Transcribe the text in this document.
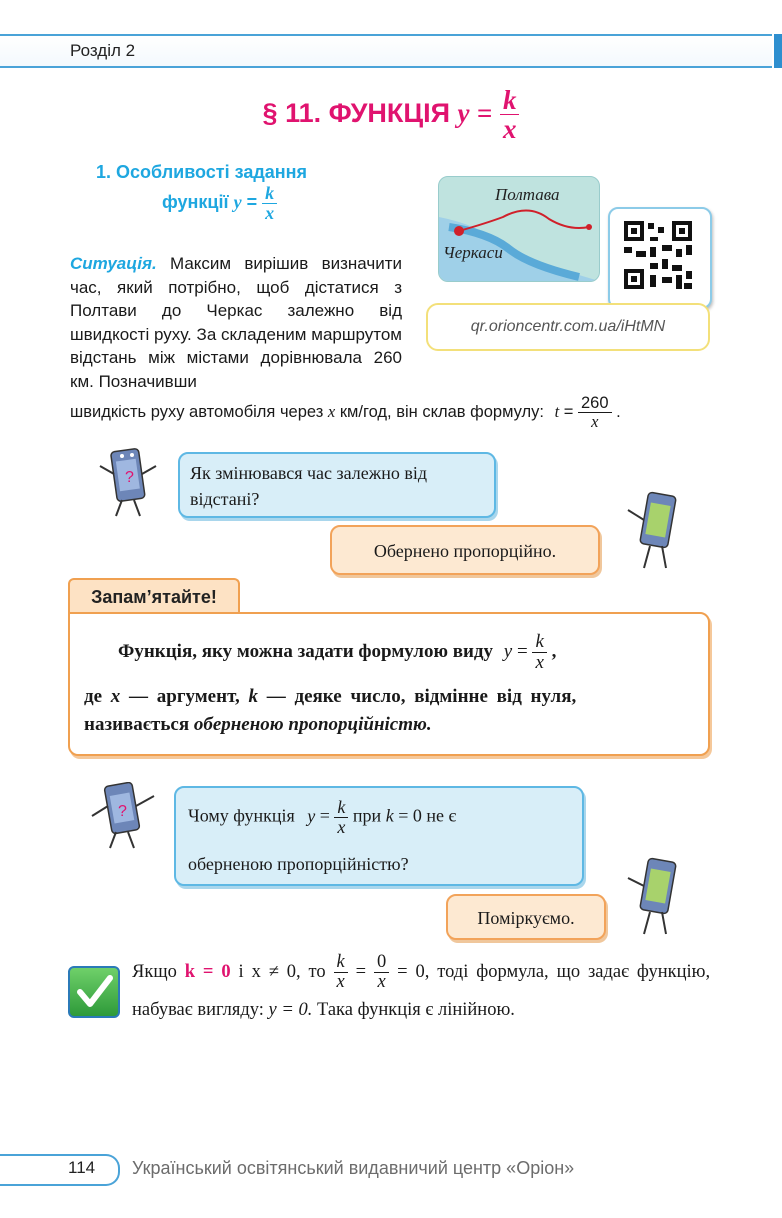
Розділ 2
§ 11. ФУНКЦІЯ $y = \frac{k}{x}$
1. Особливості задання
функції $y = \frac{k}{x}$
Ситуація. Максим вирішив визначити час, який потрібно, щоб дістатися з Полтави до Черкас залежно від швидкості руху. За складеним маршрутом відстань між містами дорівнювала 260 км. Позначивши
швидкість руху автомобіля через x км/год, він склав формулу: $t = \frac{260}{x}$ .
Полтава
Черкаси
qr.orioncentr.com.ua/iHtMN
?	Як змінювався час залежно від відстані?
Обернено пропорційно.
Запам’ятайте!
Функція, яку можна задати формулою виду $y = \frac{k}{x}$ ,
де x — аргумент, k — деяке число, відмінне від нуля,
називається оберненою пропорційністю.
?	Чому функція $y = \frac{k}{x}$ при k = 0 не є
оберненою пропорційністю?
Поміркуємо.
Якщо k = 0 і x ≠ 0, то $\frac{k}{x} = \frac{0}{x} = 0$, тоді формула, що задає функцію, набуває вигляду: y = 0. Така функція є лінійною.
114 Український освітянський видавничий центр «Оріон»
